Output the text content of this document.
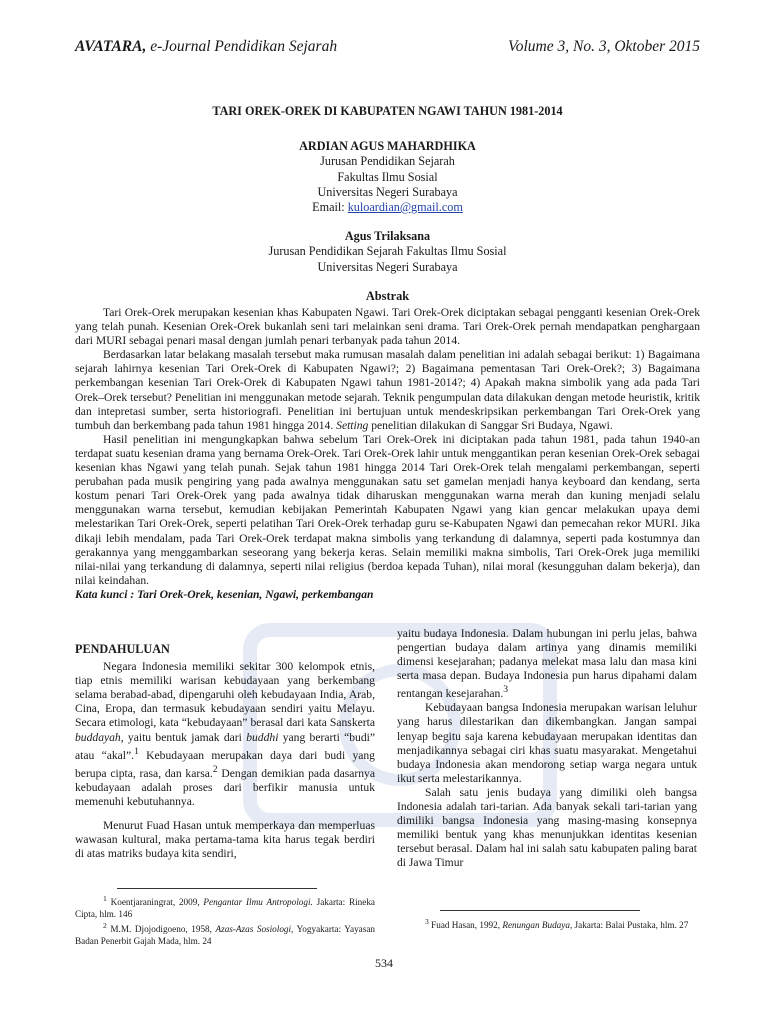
AVATARA, e-Journal Pendidikan Sejarah	Volume 3, No. 3, Oktober 2015
TARI OREK-OREK DI KABUPATEN NGAWI TAHUN 1981-2014
ARDIAN AGUS MAHARDHIKA
Jurusan Pendidikan Sejarah
Fakultas Ilmu Sosial
Universitas Negeri Surabaya
Email: kuloardian@gmail.com
Agus Trilaksana
Jurusan Pendidikan Sejarah Fakultas Ilmu Sosial
Universitas Negeri Surabaya
Abstrak

Tari Orek-Orek merupakan kesenian khas Kabupaten Ngawi. Tari Orek-Orek diciptakan sebagai pengganti kesenian Orek-Orek yang telah punah. Kesenian Orek-Orek bukanlah seni tari melainkan seni drama. Tari Orek-Orek pernah mendapatkan penghargaan dari MURI sebagai penari masal dengan jumlah penari terbanyak pada tahun 2014.

Berdasarkan latar belakang masalah tersebut maka rumusan masalah dalam penelitian ini adalah sebagai berikut: 1) Bagaimana sejarah lahirnya kesenian Tari Orek-Orek di Kabupaten Ngawi?; 2) Bagaimana pementasan Tari Orek-Orek?; 3) Bagaimana perkembangan kesenian Tari Orek-Orek di Kabupaten Ngawi tahun 1981-2014?; 4) Apakah makna simbolik yang ada pada Tari Orek–Orek tersebut? Penelitian ini menggunakan metode sejarah. Teknik pengumpulan data dilakukan dengan metode heuristik, kritik dan intepretasi sumber, serta historiografi. Penelitian ini bertujuan untuk mendeskripsikan perkembangan Tari Orek-Orek yang tumbuh dan berkembang pada tahun 1981 hingga 2014. Setting penelitian dilakukan di Sanggar Sri Budaya, Ngawi.

Hasil penelitian ini mengungkapkan bahwa sebelum Tari Orek-Orek ini diciptakan pada tahun 1981, pada tahun 1940-an terdapat suatu kesenian drama yang bernama Orek-Orek. Tari Orek-Orek lahir untuk menggantikan peran kesenian Orek-Orek sebagai kesenian khas Ngawi yang telah punah. Sejak tahun 1981 hingga 2014 Tari Orek-Orek telah mengalami perkembangan, seperti perubahan pada musik pengiring yang pada awalnya menggunakan satu set gamelan menjadi hanya keyboard dan kendang, serta kostum penari Tari Orek-Orek yang pada awalnya tidak diharuskan menggunakan warna merah dan kuning menjadi selalu menggunakan warna tersebut, kemudian kebijakan Pemerintah Kabupaten Ngawi yang kian gencar melakukan upaya demi melestarikan Tari Orek-Orek, seperti pelatihan Tari Orek-Orek terhadap guru se-Kabupaten Ngawi dan pemecahan rekor MURI. Jika dikaji lebih mendalam, pada Tari Orek-Orek terdapat makna simbolis yang terkandung di dalamnya, seperti pada kostumnya dan gerakannya yang menggambarkan seseorang yang bekerja keras. Selain memiliki makna simbolis, Tari Orek-Orek juga memiliki nilai-nilai yang terkandung di dalamnya, seperti nilai religius (berdoa kepada Tuhan), nilai moral (kesungguhan dalam bekerja), dan nilai keindahan.

Kata kunci : Tari Orek-Orek, kesenian, Ngawi, perkembangan

PENDAHULUAN

Negara Indonesia memiliki sekitar 300 kelompok etnis, tiap etnis memiliki warisan kebudayaan yang berkembang selama berabad-abad, dipengaruhi oleh kebudayaan India, Arab, Cina, Eropa, dan termasuk kebudayaan sendiri yaitu Melayu. Secara etimologi, kata “kebudayaan” berasal dari kata Sanskerta buddayah, yaitu bentuk jamak dari buddhi yang berarti “budi” atau “akal”.$^1$ Kebudayaan merupakan daya dari budi yang berupa cipta, rasa, dan karsa.$^2$ Dengan demikian pada dasarnya kebudayaan adalah proses dari berfikir manusia untuk memenuhi kebutuhannya.

Menurut Fuad Hasan untuk memperkaya dan memperluas wawasan kultural, maka pertama-tama kita harus tegak berdiri di atas matriks budaya kita sendiri,

yaitu budaya Indonesia. Dalam hubungan ini perlu jelas, bahwa pengertian budaya dalam artinya yang dinamis memiliki dimensi kesejarahan; padanya melekat masa lalu dan masa kini serta masa depan. Budaya Indonesia pun harus dipahami dalam rentangan kesejarahan.$^3$

Kebudayaan bangsa Indonesia merupakan warisan leluhur yang harus dilestarikan dan dikembangkan. Jangan sampai lenyap begitu saja karena kebudayaan merupakan identitas dan menjadikannya sebagai ciri khas suatu masyarakat. Mengetahui budaya Indonesia akan mendorong setiap warga negara untuk ikut serta melestarikannya.

Salah satu jenis budaya yang dimiliki oleh bangsa Indonesia adalah tari-tarian. Ada banyak sekali tari-tarian yang dimiliki bangsa Indonesia yang masing-masing konsepnya memiliki bentuk yang khas menunjukkan identitas kesenian tersebut berasal. Dalam hal ini salah satu kabupaten paling barat di Jawa Timur

$^1$ Koentjaraningrat, 2009, Pengantar Ilmu Antropologi. Jakarta: Rineka Cipta, hlm. 146

$^2$ M.M. Djojodigoeno, 1958, Azas-Azas Sosiologi, Yogyakarta: Yayasan Badan Penerbit Gajah Mada, hlm. 24

$^3$ Fuad Hasan, 1992, Renungan Budaya, Jakarta: Balai Pustaka, hlm. 27

534
